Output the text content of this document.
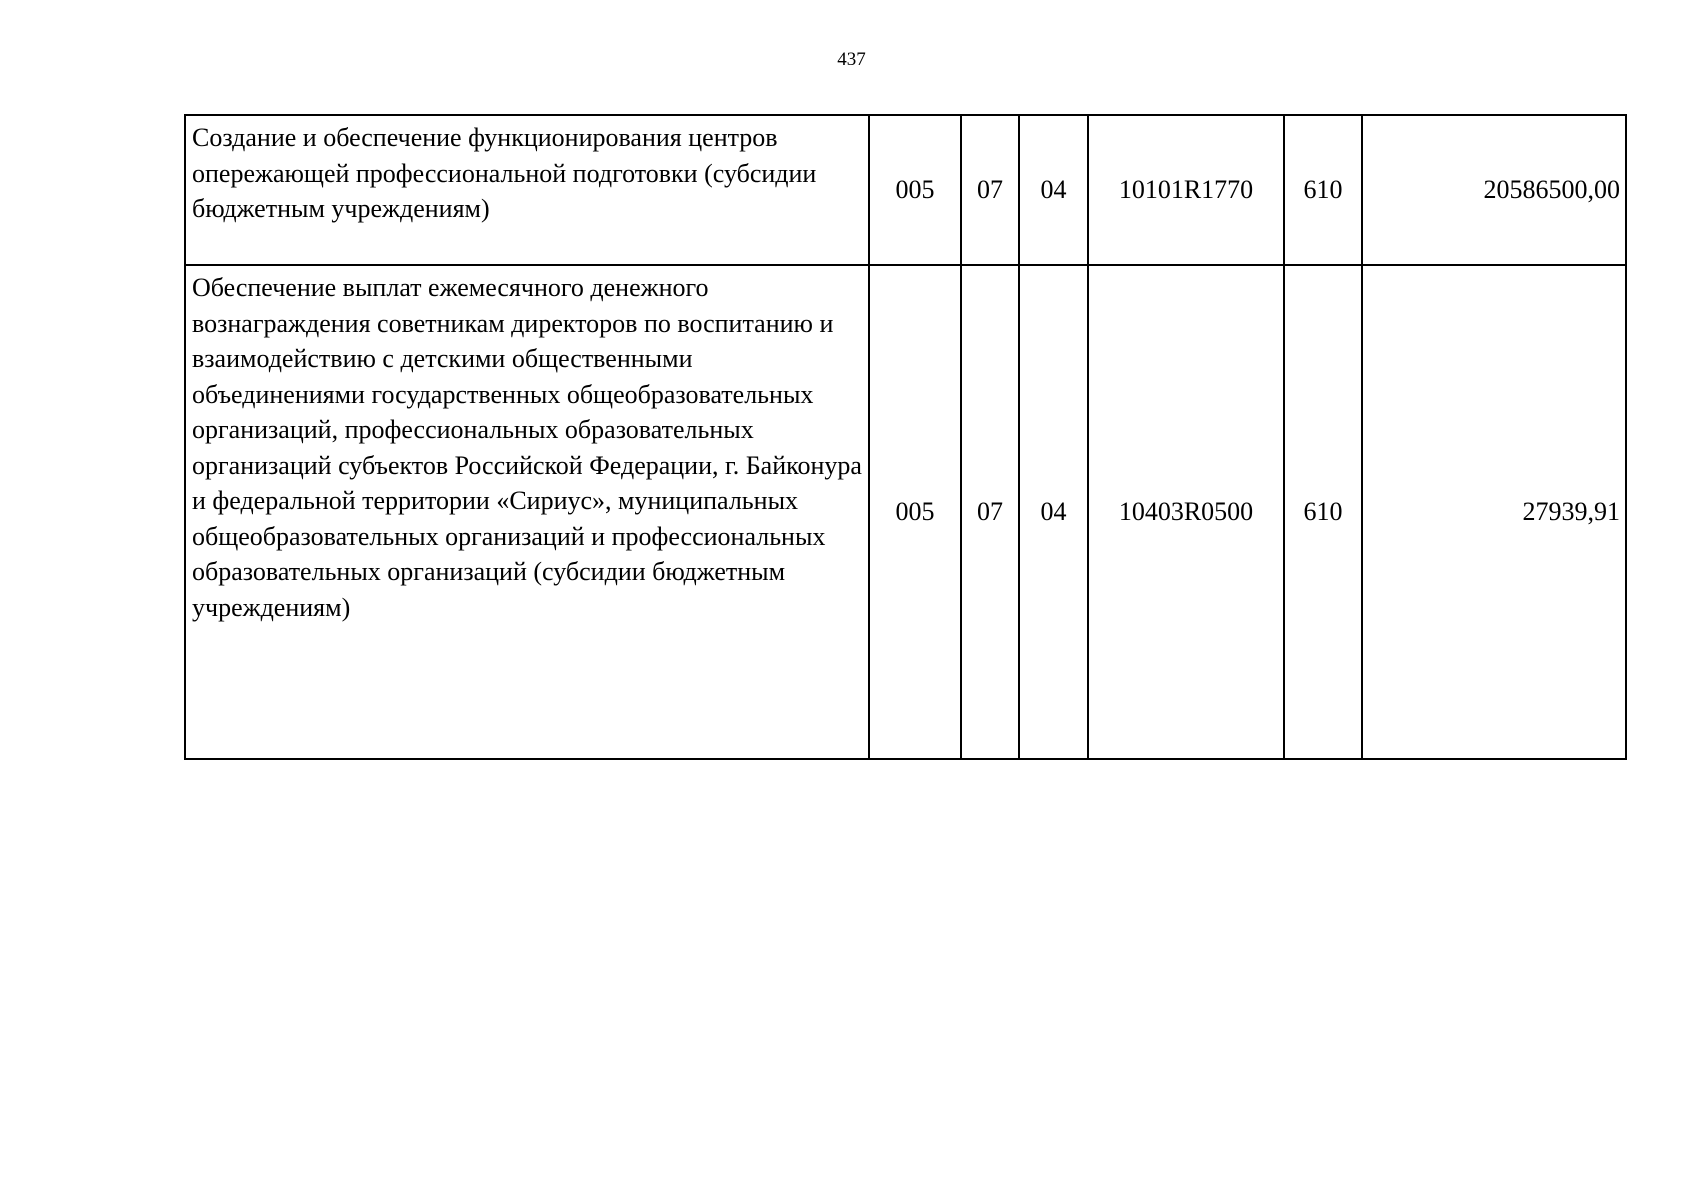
437
Создание и обеспечение функционирования центров опережающей профессиональной подготовки (субсидии бюджетным учреждениям)	005	07	04	10101R1770	610	20586500,00
Обеспечение выплат ежемесячного денежного вознаграждения советникам директоров по воспитанию и взаимодействию с детскими общественными объединениями государственных общеобразовательных организаций, профессиональных образовательных организаций субъектов Российской Федерации, г. Байконура и федеральной территории «Сириус», муниципальных общеобразовательных организаций и профессиональных образовательных организаций (субсидии бюджетным учреждениям)	005	07	04	10403R0500	610	27939,91
